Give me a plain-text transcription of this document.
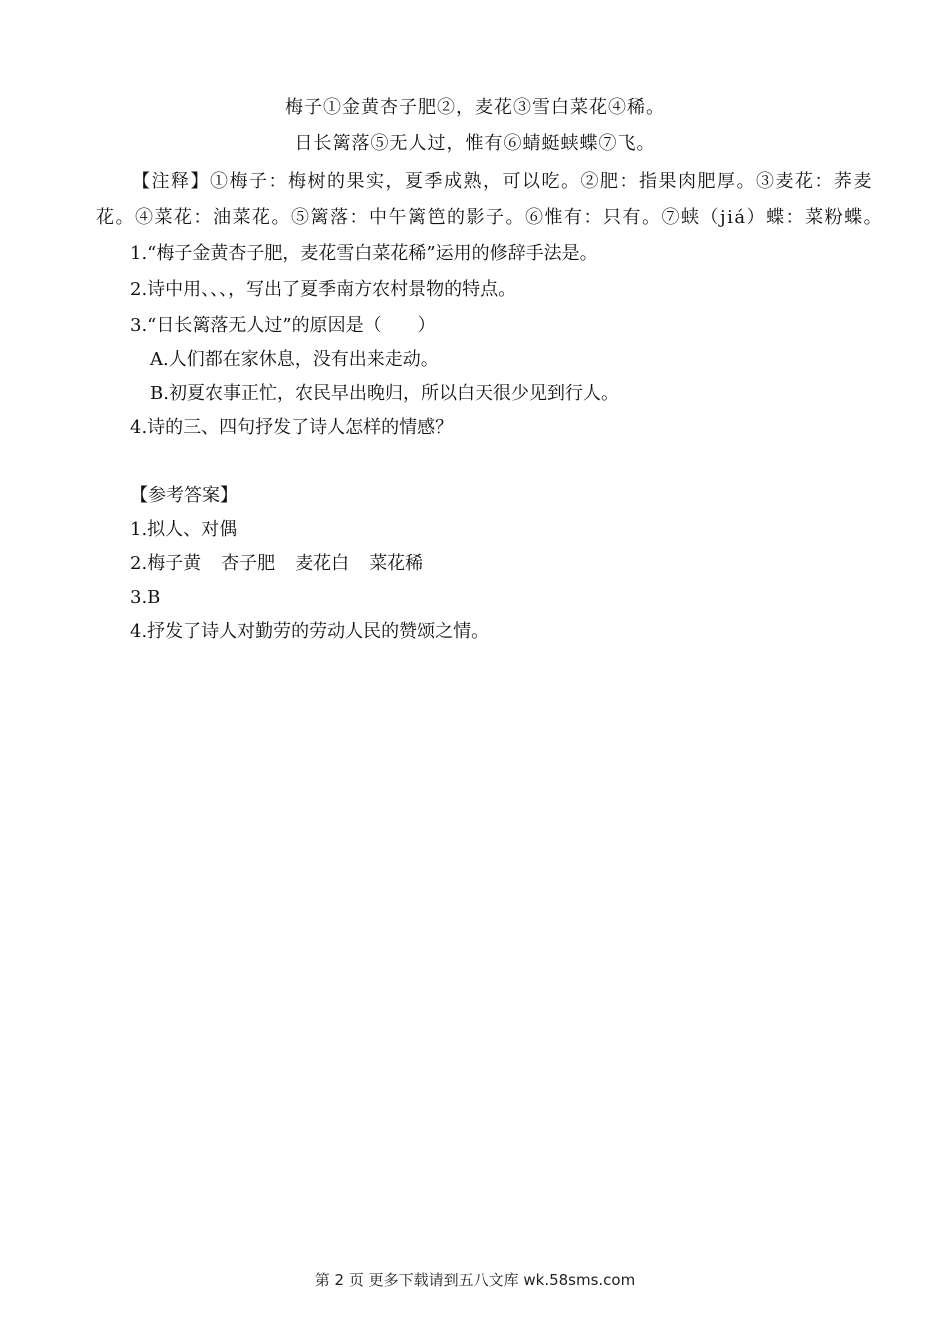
梅子①金黄杏子肥②，麦花③雪白菜花④稀。
日长篱落⑤无人过，惟有⑥蜻蜓蛱蝶⑦飞。
【注释】①梅子：梅树的果实，夏季成熟，可以吃。②肥：指果肉肥厚。③麦花：荞麦
花。④菜花：油菜花。⑤篱落：中午篱笆的影子。⑥惟有：只有。⑦蛱（jiá）蝶：菜粉蝶。
1.“梅子金黄杏子肥，麦花雪白菜花稀”运用的修辞手法是。
2.诗中用、、、，写出了夏季南方农村景物的特点。
3.“日长篱落无人过”的原因是（　　）
A.人们都在家休息，没有出来走动。
B.初夏农事正忙，农民早出晚归，所以白天很少见到行人。
4.诗的三、四句抒发了诗人怎样的情感？
【参考答案】
1.拟人、对偶
2.梅子黄 杏子肥 麦花白 菜花稀
3.B
4.抒发了诗人对勤劳的劳动人民的赞颂之情。
第 2 页 更多下载请到五八文库 wk.58sms.com
